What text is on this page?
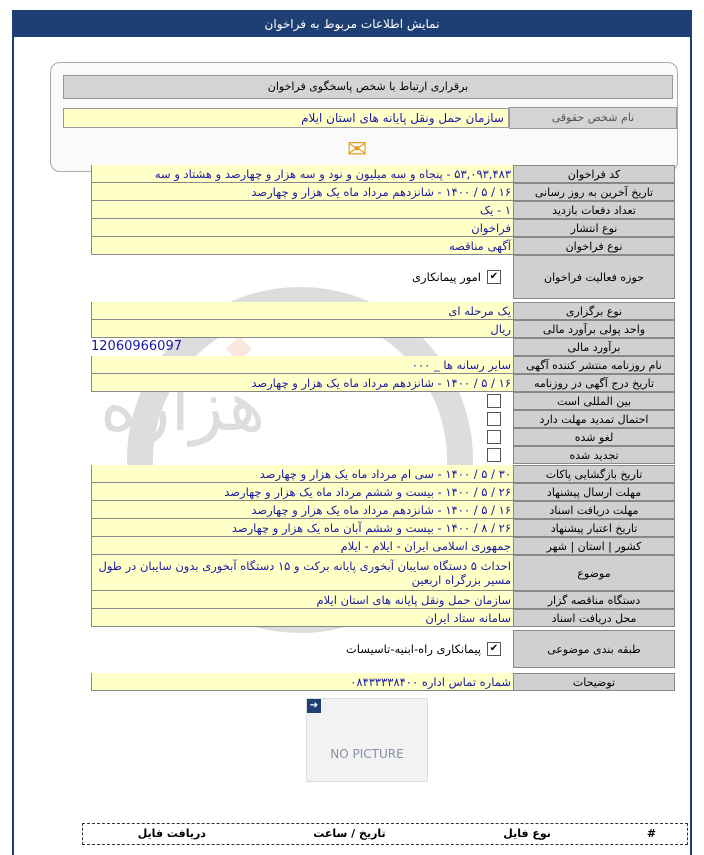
نمایش اطلاعات مربوط به فراخوان
برقراری ارتباط با شخص پاسخگوی فراخوان
نام شخص حقوقی
سازمان حمل ونقل پایانه های استان ایلام
✉
کد فراخوان
۵۳,۰۹۳,۴۸۳ - پنجاه و سه میلیون و نود و سه هزار و چهارصد و هشتاد و سه
تاریخ آخرین به روز رسانی
۱۶ / ۵ / ۱۴۰۰ - شانزدهم مرداد ماه یک هزار و چهارصد
تعداد دفعات بازدید
۱ - یک
نوع انتشار
فراخوان
نوع فراخوان
آگهی مناقصه
حوزه فعالیت فراخوان
✔
امور پیمانکاری
نوع برگزاری
یک مرحله ای
واحد پولی برآورد مالی
ریال
برآورد مالی
12060966097
نام روزنامه منتشر کننده آگهی
سایر رسانه ها _ ۰۰۰
تاریخ درج آگهی در روزنامه
۱۶ / ۵ / ۱۴۰۰ - شانزدهم مرداد ماه یک هزار و چهارصد
بین المللی است
احتمال تمدید مهلت دارد
لغو شده
تجدید شده
تاریخ بازگشایی پاکات
۳۰ / ۵ / ۱۴۰۰ - سی ام مرداد ماه یک هزار و چهارصد
مهلت ارسال پیشنهاد
۲۶ / ۵ / ۱۴۰۰ - بیست و ششم مرداد ماه یک هزار و چهارصد
مهلت دریافت اسناد
۱۶ / ۵ / ۱۴۰۰ - شانزدهم مرداد ماه یک هزار و چهارصد
تاریخ اعتبار پیشنهاد
۲۶ / ۸ / ۱۴۰۰ - بیست و ششم آبان ماه یک هزار و چهارصد
کشور | استان | شهر
جمهوری اسلامی ایران - ایلام - ایلام
موضوع
احداث ۵ دستگاه سایبان آبخوری پایانه برکت و ۱۵ دستگاه آبخوری بدون سایبان در طول مسیر بزرگراه اربعین
دستگاه مناقصه گزار
سازمان حمل ونقل پایانه های استان ایلام
محل دریافت اسناد
سامانه ستاد ایران
طبقه بندی موضوعی
✔
پیمانکاری راه-ابنیه-تاسیسات
توضیحات
شماره تماس اداره ۰۸۴۳۳۳۳۸۴۰۰
➔
NO PICTURE
#
نوع فایل
تاریخ / ساعت
دریافت فایل
